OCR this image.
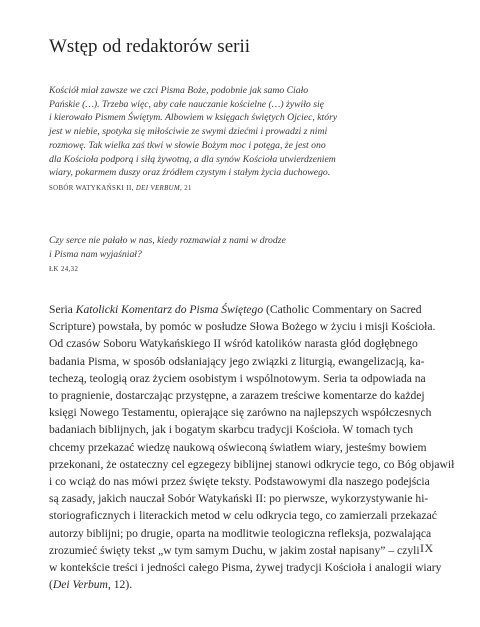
Wstęp od redaktorów serii
Kościół miał zawsze we czci Pisma Boże, podobnie jak samo Ciało
Pańskie (…). Trzeba więc, aby całe nauczanie kościelne (…) żywiło się
i kierowało Pismem Świętym. Albowiem w księgach świętych Ojciec, który
jest w niebie, spotyka się miłościwie ze swymi dziećmi i prowadzi z nimi
rozmowę. Tak wielka zaś tkwi w słowie Bożym moc i potęga, że jest ono
dla Kościoła podporą i siłą żywotną, a dla synów Kościoła utwierdzeniem
wiary, pokarmem duszy oraz źródłem czystym i stałym życia duchowego.
SOBÓR WATYKAŃSKI II, DEI VERBUM, 21
Czy serce nie pałało w nas, kiedy rozmawiał z nami w drodze
i Pisma nam wyjaśniał?
ŁK 24,32
Seria Katolicki Komentarz do Pisma Świętego (Catholic Commentary on Sacred
Scripture) powstała, by pomóc w posłudze Słowa Bożego w życiu i misji Kościoła.
Od czasów Soboru Watykańskiego II wśród katolików narasta głód dogłębnego
badania Pisma, w sposób odsłaniający jego związki z liturgią, ewangelizacją, ka-
techezą, teologią oraz życiem osobistym i wspólnotowym. Seria ta odpowiada na
to pragnienie, dostarczając przystępne, a zarazem treściwe komentarze do każdej
księgi Nowego Testamentu, opierające się zarówno na najlepszych współczesnych
badaniach biblijnych, jak i bogatym skarbcu tradycji Kościoła. W tomach tych
chcemy przekazać wiedzę naukową oświeconą światłem wiary, jesteśmy bowiem
przekonani, że ostateczny cel egzegezy biblijnej stanowi odkrycie tego, co Bóg objawił
i co wciąż do nas mówi przez święte teksty. Podstawowymi dla naszego podejścia
są zasady, jakich nauczał Sobór Watykański II: po pierwsze, wykorzystywanie hi-
storiograficznych i literackich metod w celu odkrycia tego, co zamierzali przekazać
autorzy biblijni; po drugie, oparta na modlitwie teologiczna refleksja, pozwalająca
zrozumieć święty tekst „w tym samym Duchu, w jakim został napisany” – czyli
w kontekście treści i jedności całego Pisma, żywej tradycji Kościoła i analogii wiary
(Dei Verbum, 12).
IX
